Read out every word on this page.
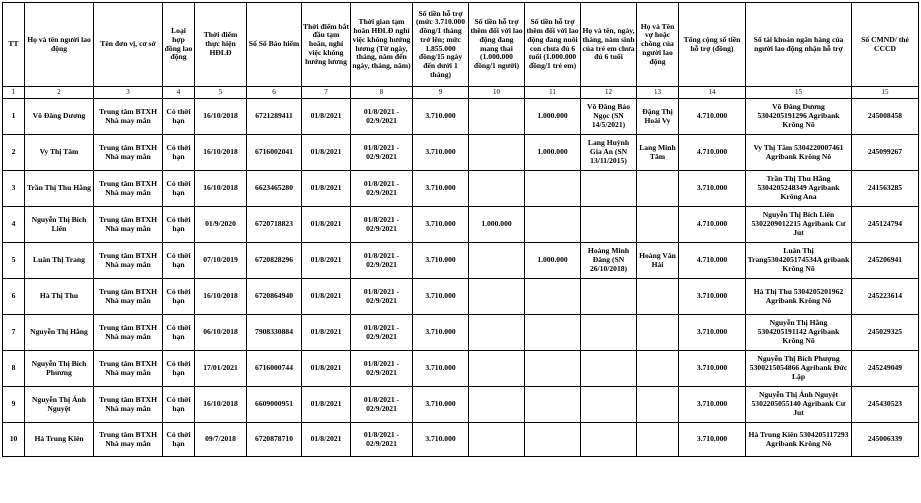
TT	Họ và tên người lao động	Tên đơn vị, cơ sở	Loại hợp đồng lao động	Thời điểm thực hiện HĐLĐ	Số Sổ Bảo hiểm	Thời điểm bắt đầu tạm hoãn, nghỉ việc không hưởng lương	Thời gian tạm hoãn HĐLĐ nghỉ việc không hưởng lương (Từ ngày, tháng, năm đến ngày, tháng, năm)	Số tiền hỗ trợ (mức 3.710.000 đồng/1 tháng trở lên; mức 1.855.000 đồng/15 ngày đến dưới 1 tháng)	Số tiền hỗ trợ thêm đối với lao động đang mang thai (1.000.000 đồng/1 người)	Số tiền hỗ trợ thêm đối với lao động đang nuôi con chưa đủ 6 tuổi (1.000.000 đồng/1 trẻ em)	Họ và tên, ngày, tháng, năm sinh của trẻ em chưa đủ 6 tuổi	Họ và Tên vợ hoặc chồng của người lao động	Tổng cộng số tiền hỗ trợ (đồng)	Số tài khoản ngân hàng của người lao động nhận hỗ trợ	Số CMND/ thẻ CCCD
1	2	3	4	5	6	7	8	9	10	11	12	13	14	15	15
1	Võ Đăng Dương	Trung tâm BTXH Nhà may mắn	Có thời hạn	16/10/2018	6721289411	01/8/2021	01/8/2021 - 02/9/2021	3.710.000		1.000.000	Võ Đăng Bảo Ngọc (SN 14/5/2021)	Đặng Thị Hoài Vy	4.710.000	Võ Đăng Dương 5304205191296 Agribank Krông Nô	245008458
2	Vy Thị Tâm	Trung tâm BTXH Nhà may mắn	Có thời hạn	16/10/2018	6716002041	01/8/2021	01/8/2021 - 02/9/2021	3.710.000		1.000.000	Lang Huỳnh Gia An (SN 13/11/2015)	Lang Minh Tâm	4.710.000	Vy Thị Tâm 5304220007461 Agribank Krông Nô	245099267
3	Trần Thị Thu Hằng	Trung tâm BTXH Nhà may mắn	Có thời hạn	16/10/2018	6623465280	01/8/2021	01/8/2021 - 02/9/2021	3.710.000					3.710.000	Trần Thị Thu Hằng 5304205248349 Agribank Krông Ana	241563285
4	Nguyễn Thị Bích Liên	Trung tâm BTXH Nhà may mắn	Có thời hạn	01/9/2020	6720718823	01/8/2021	01/8/2021 - 02/9/2021	3.710.000	1.000.000				4.710.000	Nguyễn Thị Bích Liên 5302209012215 Agribank Cư Jut	245124794
5	Luân Thị Trang	Trung tâm BTXH Nhà may mắn	Có thời hạn	07/10/2019	6720828296	01/8/2021	01/8/2021 - 02/9/2021	3.710.000		1.000.000	Hoàng Minh Đăng (SN 26/10/2018)	Hoàng Văn Hải	4.710.000	Luân Thị Trang5304205174534A gribank Krông Nô	245206941
6	Hà Thị Thu	Trung tâm BTXH Nhà may mắn	Có thời hạn	16/10/2018	6720864940	01/8/2021	01/8/2021 - 02/9/2021	3.710.000					3.710.000	Hà Thị Thu 5304205201962 Agribank Krông Nô	245223614
7	Nguyễn Thị Hằng	Trung tâm BTXH Nhà may mắn	Có thời hạn	06/10/2018	7908330884	01/8/2021	01/8/2021 - 02/9/2021	3.710.000					3.710.000	Nguyễn Thị Hằng 5304205191142 Agribank Krông Nô	245029325
8	Nguyễn Thị Bích Phương	Trung tâm BTXH Nhà may mắn	Có thời hạn	17/01/2021	6716000744	01/8/2021	01/8/2021 - 02/9/2021	3.710.000					3.710.000	Nguyễn Thị Bích Phượng 5300215054866 Agribank Đức Lập	245249049
9	Nguyễn Thị Ánh Nguyệt	Trung tâm BTXH Nhà may mắn	Có thời hạn	16/10/2018	6609000951	01/8/2021	01/8/2021 - 02/9/2021	3.710.000					3.710.000	Nguyễn Thị Ánh Nguyệt 5302205055140 Agribank Cư Jut	245430523
10	Hà Trung Kiên	Trung tâm BTXH Nhà may mắn	Có thời hạn	09/7/2018	6720878710	01/8/2021	01/8/2021 - 02/9/2021	3.710.000					3.710.000	Hà Trung Kiên 5304205117293 Agribank Krông Nô	245006339
